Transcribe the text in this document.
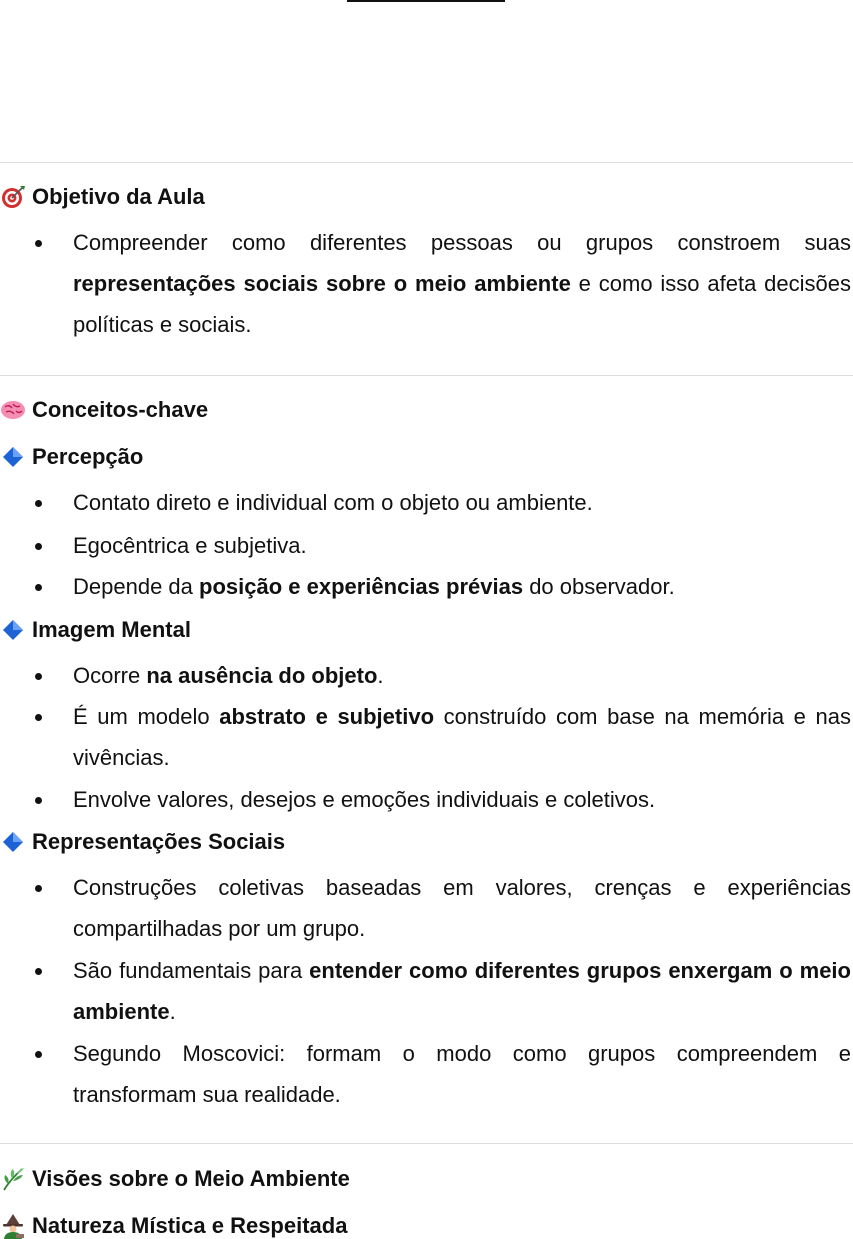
Objetivo da Aula
Compreender como diferentes pessoas ou grupos constroem suas representações sociais sobre o meio ambiente e como isso afeta decisões políticas e sociais.
Conceitos-chave
Percepção
Contato direto e individual com o objeto ou ambiente.
Egocêntrica e subjetiva.
Depende da posição e experiências prévias do observador.
Imagem Mental
Ocorre na ausência do objeto.
É um modelo abstrato e subjetivo construído com base na memória e nas vivências.
Envolve valores, desejos e emoções individuais e coletivos.
Representações Sociais
Construções coletivas baseadas em valores, crenças e experiências compartilhadas por um grupo.
São fundamentais para entender como diferentes grupos enxergam o meio ambiente.
Segundo Moscovici: formam o modo como grupos compreendem e transformam sua realidade.
Visões sobre o Meio Ambiente
Natureza Mística e Respeitada
